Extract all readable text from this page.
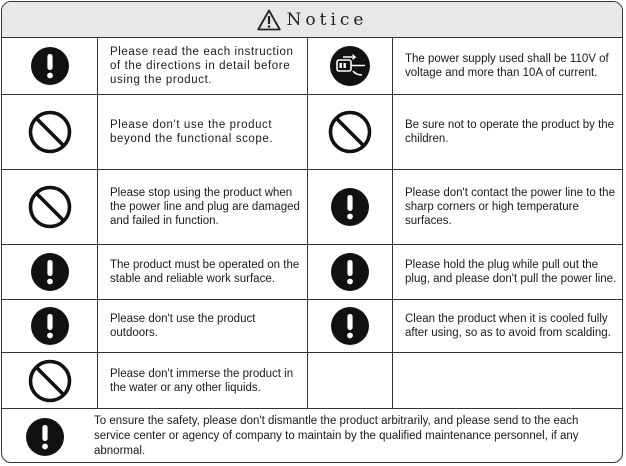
Notice
Please read the each instruction of the directions in detail before using the product.
The power supply used shall be 110V of voltage and more than 10A of current.
Please don't use the product beyond the functional scope.
Be sure not to operate the product by the children.
Please stop using the product when the power line and plug are damaged and failed in function.
Please don't contact the power line to the sharp corners or high temperature surfaces.
The product must be operated on the stable and reliable work surface.
Please hold the plug while pull out the plug, and please don't pull the power line.
Please don't use the product outdoors.
Clean the product when it is cooled fully after using, so as to avoid from scalding.
Please don't immerse the product in the water or any other liquids.
To ensure the safety, please don't dismantle the product arbitrarily, and please send to the each service center or agency of company to maintain by the qualified maintenance personnel, if any abnormal.
